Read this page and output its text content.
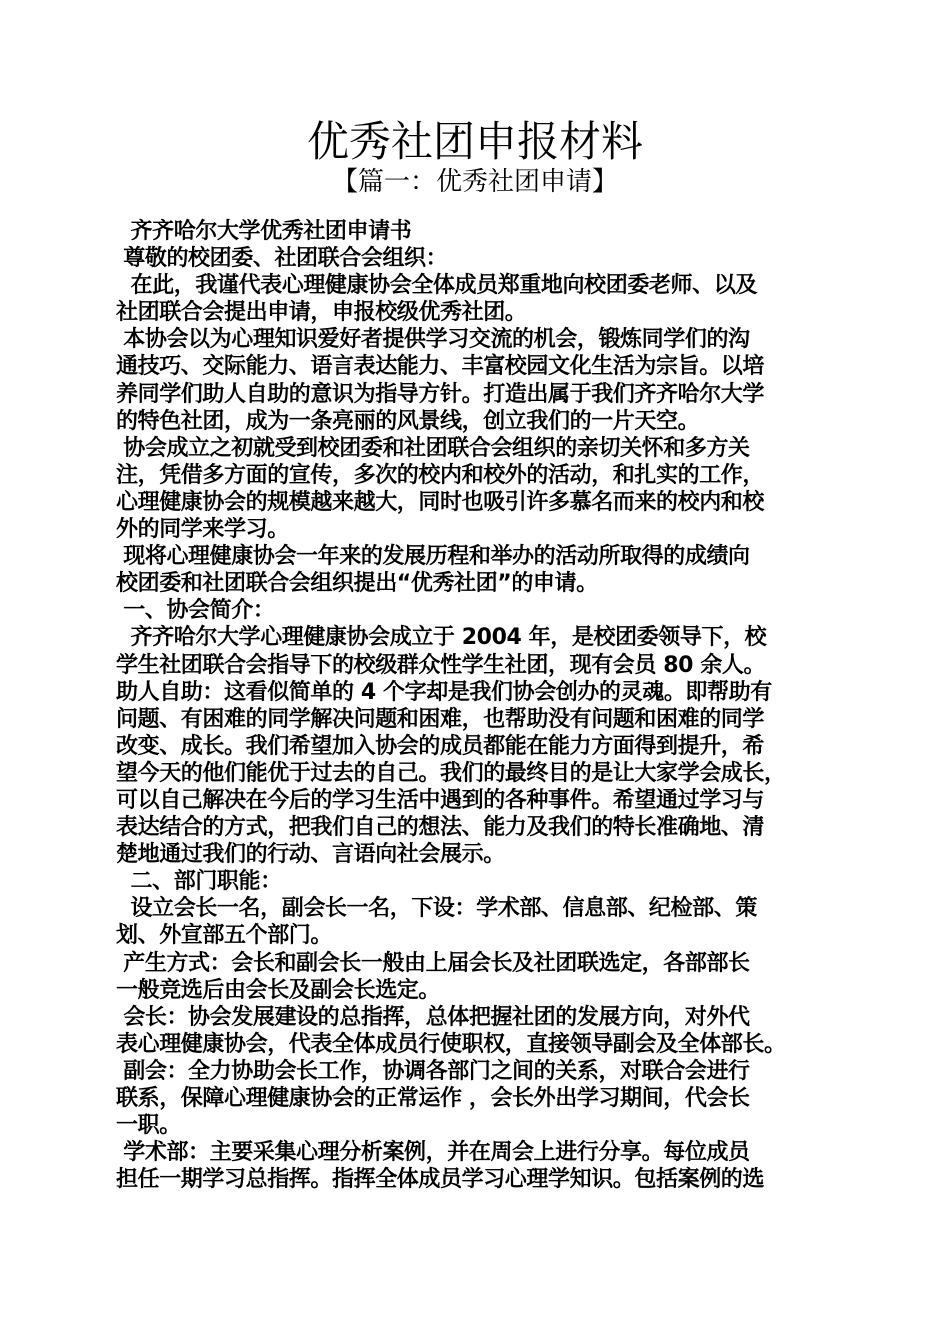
优秀社团申报材料
【篇一：优秀社团申请】
齐齐哈尔大学优秀社团申请书
尊敬的校团委、社团联合会组织：
在此，我谨代表心理健康协会全体成员郑重地向校团委老师、以及
社团联合会提出申请，申报校级优秀社团。
本协会以为心理知识爱好者提供学习交流的机会，锻炼同学们的沟
通技巧、交际能力、语言表达能力、丰富校园文化生活为宗旨。以培
养同学们助人自助的意识为指导方针。打造出属于我们齐齐哈尔大学
的特色社团，成为一条亮丽的风景线，创立我们的一片天空。
协会成立之初就受到校团委和社团联合会组织的亲切关怀和多方关
注，凭借多方面的宣传，多次的校内和校外的活动，和扎实的工作，
心理健康协会的规模越来越大，同时也吸引许多慕名而来的校内和校
外的同学来学习。
现将心理健康协会一年来的发展历程和举办的活动所取得的成绩向
校团委和社团联合会组织提出“优秀社团”的申请。
一、协会简介：
齐齐哈尔大学心理健康协会成立于 2004 年，是校团委领导下，校
学生社团联合会指导下的校级群众性学生社团，现有会员 80 余人。
助人自助：这看似简单的 4 个字却是我们协会创办的灵魂。即帮助有
问题、有困难的同学解决问题和困难，也帮助没有问题和困难的同学
改变、成长。我们希望加入协会的成员都能在能力方面得到提升，希
望今天的他们能优于过去的自己。我们的最终目的是让大家学会成长，
可以自己解决在今后的学习生活中遇到的各种事件。希望通过学习与
表达结合的方式，把我们自己的想法、能力及我们的特长准确地、清
楚地通过我们的行动、言语向社会展示。
二、部门职能：
设立会长一名，副会长一名，下设：学术部、信息部、纪检部、策
划、外宣部五个部门。
产生方式：会长和副会长一般由上届会长及社团联选定，各部部长
一般竞选后由会长及副会长选定。
会长：协会发展建设的总指挥，总体把握社团的发展方向，对外代
表心理健康协会，代表全体成员行使职权，直接领导副会及全体部长。
副会：全力协助会长工作，协调各部门之间的关系，对联合会进行
联系，保障心理健康协会的正常运作 ，会长外出学习期间，代会长
一职。
学术部：主要采集心理分析案例，并在周会上进行分享。每位成员
担任一期学习总指挥。指挥全体成员学习心理学知识。包括案例的选
